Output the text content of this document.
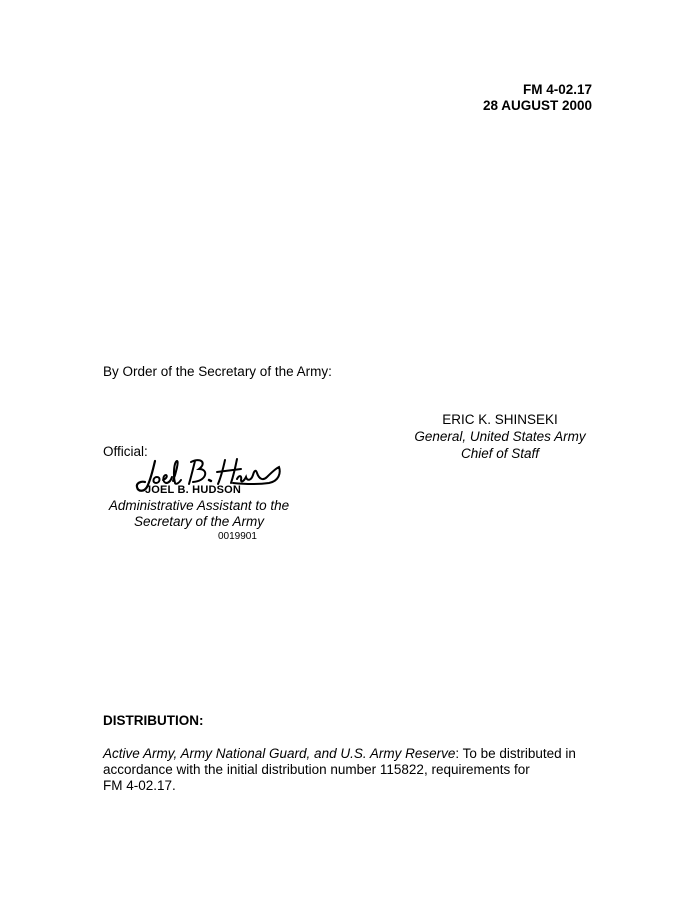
FM 4-02.17
28 AUGUST 2000
By Order of the Secretary of the Army:
ERIC K. SHINSEKI
General, United States Army
Chief of Staff
Official:
JOEL B. HUDSON
Administrative Assistant to the
Secretary of the Army
0019901
DISTRIBUTION:
Active Army, Army National Guard, and U.S. Army Reserve: To be distributed in
accordance with the initial distribution number 115822, requirements for
FM 4-02.17.
